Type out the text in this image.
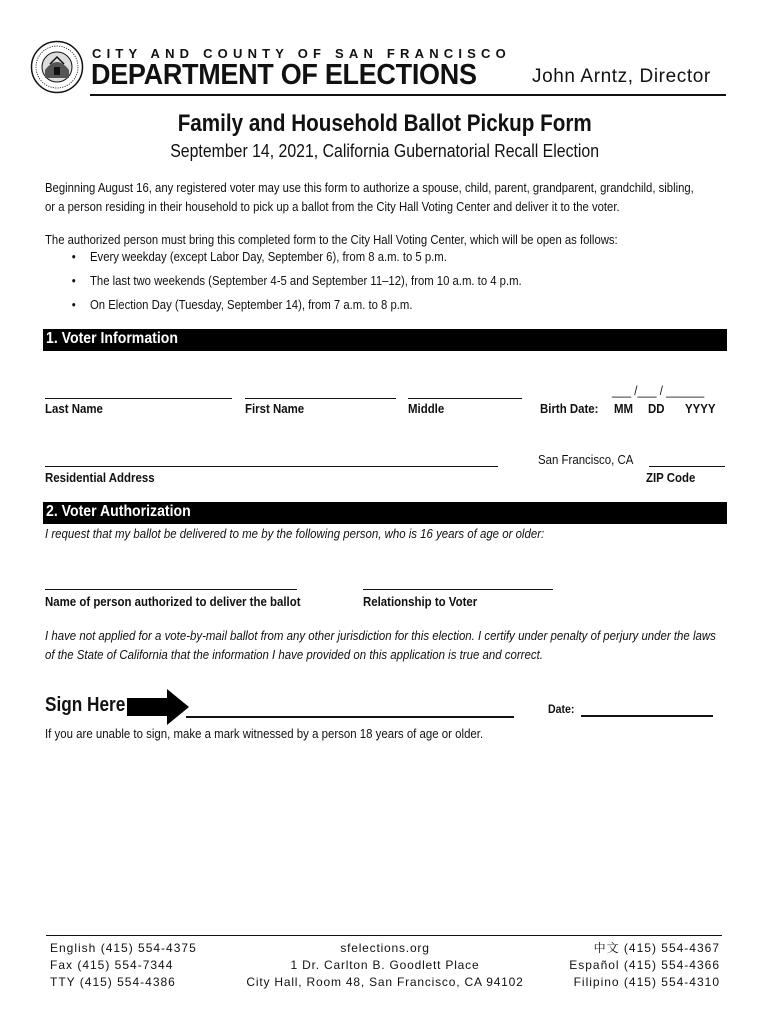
CITY AND COUNTY OF SAN FRANCISCO
DEPARTMENT OF ELECTIONS	John Arntz, Director
Family and Household Ballot Pickup Form
September 14, 2021, California Gubernatorial Recall Election
Beginning August 16, any registered voter may use this form to authorize a spouse, child, parent, grandparent, grandchild, sibling, or a person residing in their household to pick up a ballot from the City Hall Voting Center and deliver it to the voter.
The authorized person must bring this completed form to the City Hall Voting Center, which will be open as follows:
• Every weekday (except Labor Day, September 6), from 8 a.m. to 5 p.m.
• The last two weekends (September 4-5 and September 11–12), from 10 a.m. to 4 p.m.
• On Election Day (Tuesday, September 14), from 7 a.m. to 8 p.m.
1. Voter Information
___ /___ / ______
Last Name	First Name	Middle	Birth Date: MM DD YYYY
San Francisco, CA
Residential Address	ZIP Code
2. Voter Authorization
I request that my ballot be delivered to me by the following person, who is 16 years of age or older:
Name of person authorized to deliver the ballot	Relationship to Voter
I have not applied for a vote-by-mail ballot from any other jurisdiction for this election. I certify under penalty of perjury under the laws of the State of California that the information I have provided on this application is true and correct.
Sign Here	Date:
If you are unable to sign, make a mark witnessed by a person 18 years of age or older.
English (415) 554-4375
Fax (415) 554-7344
TTY (415) 554-4386
sfelections.org
1 Dr. Carlton B. Goodlett Place
City Hall, Room 48, San Francisco, CA 94102
中文 (415) 554-4367
Español (415) 554-4366
Filipino (415) 554-4310
